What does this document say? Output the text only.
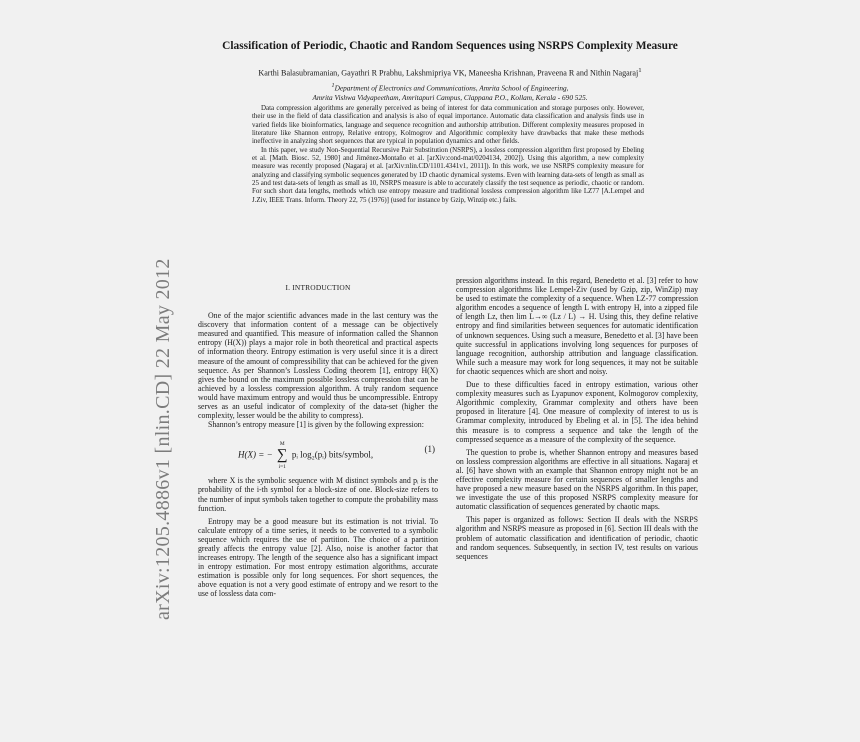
arXiv:1205.4886v1 [nlin.CD] 22 May 2012
Classification of Periodic, Chaotic and Random Sequences using NSRPS Complexity Measure
Karthi Balasubramanian, Gayathri R Prabhu, Lakshmipriya VK, Maneesha Krishnan, Praveena R and Nithin Nagaraj$^1$
$^1$Department of Electronics and Communications, Amrita School of Engineering,
Amrita Vishwa Vidyapeetham, Amritapuri Campus, Clappana P.O., Kollam, Kerala - 690 525.

Data compression algorithms are generally perceived as being of interest for data communication and storage purposes only. However, their use in the field of data classification and analysis is also of equal importance. Automatic data classification and analysis finds use in varied fields like bioinformatics, language and sequence recognition and authorship attribution. Different complexity measures proposed in literature like Shannon entropy, Relative entropy, Kolmogrov and Algorithmic complexity have drawbacks that make these methods ineffective in analyzing short sequences that are typical in population dynamics and other fields.

In this paper, we study Non-Sequential Recursive Pair Substitution (NSRPS), a lossless compression algorithm first proposed by Ebeling et al. [Math. Biosc. 52, 1980] and Jiménez-Montaño et al. [arXiv:cond-mat/0204134, 2002]). Using this algorithm, a new complexity measure was recently proposed (Nagaraj et al. [arXiv:nlin.CD/1101.4341v1, 2011]). In this work, we use NSRPS complexity measure for analyzing and classifying symbolic sequences generated by 1D chaotic dynamical systems. Even with learning data-sets of length as small as 25 and test data-sets of length as small as 10, NSRPS measure is able to accurately classify the test sequence as periodic, chaotic or random. For such short data lengths, methods which use entropy measure and traditional lossless compression algorithm like LZ77 [A.Lempel and J.Ziv, IEEE Trans. Inform. Theory 22, 75 (1976)] (used for instance by Gzip, Winzip etc.) fails.

I. INTRODUCTION

One of the major scientific advances made in the last century was the discovery that information content of a message can be objectively measured and quantified. This measure of information called the Shannon entropy (H(X)) plays a major role in both theoretical and practical aspects of information theory. Entropy estimation is very useful since it is a direct measure of the amount of compressibility that can be achieved for the given sequence. As per Shannon’s Lossless Coding theorem [1], entropy H(X) gives the bound on the maximum possible lossless compression that can be achieved by a lossless compression algorithm. A truly random sequence would have maximum entropy and would thus be uncompressible. Entropy serves as an useful indicator of complexity of the data-set (higher the complexity, lesser would be the ability to compress).

Shannon’s entropy measure [1] is given by the following expression:

H(X) = −
M
∑
i=1
pᵢ log₂(pᵢ) bits/symbol,
(1)

where X is the symbolic sequence with M distinct symbols and pᵢ is the probability of the i-th symbol for a block-size of one. Block-size refers to the number of input symbols taken together to compute the probability mass function.

Entropy may be a good measure but its estimation is not trivial. To calculate entropy of a time series, it needs to be converted to a symbolic sequence which requires the use of partition. The choice of a partition greatly affects the entropy value [2]. Also, noise is another factor that increases entropy. The length of the sequence also has a significant impact in entropy estimation. For most entropy estimation algorithms, accurate estimation is possible only for long sequences. For short sequences, the above equation is not a very good estimate of entropy and we resort to the use of lossless data com-

pression algorithms instead. In this regard, Benedetto et al. [3] refer to how compression algorithms like Lempel-Ziv (used by Gzip, zip, WinZip) may be used to estimate the complexity of a sequence. When LZ-77 compression algorithm encodes a sequence of length L with entropy H, into a zipped file of length Lz, then lim L→∞ (Lz / L) → H. Using this, they define relative entropy and find similarities between sequences for automatic identification of unknown sequences. Using such a measure, Benedetto et al. [3] have been quite successful in applications involving long sequences for purposes of language recognition, authorship attribution and language classification. While such a measure may work for long sequences, it may not be suitable for chaotic sequences which are short and noisy.

Due to these difficulties faced in entropy estimation, various other complexity measures such as Lyapunov exponent, Kolmogorov complexity, Algorithmic complexity, Grammar complexity and others have been proposed in literature [4]. One measure of complexity of interest to us is Grammar complexity, introduced by Ebeling et al. in [5]. The idea behind this measure is to compress a sequence and take the length of the compressed sequence as a measure of the complexity of the sequence.

The question to probe is, whether Shannon entropy and measures based on lossless compression algorithms are effective in all situations. Nagaraj et al. [6] have shown with an example that Shannon entropy might not be an effective complexity measure for certain sequences of smaller lengths and have proposed a new measure based on the NSRPS algorithm. In this paper, we investigate the use of this proposed NSRPS complexity measure for automatic classification of sequences generated by chaotic maps.

This paper is organized as follows: Section II deals with the NSRPS algorithm and NSRPS measure as proposed in [6]. Section III deals with the problem of automatic classification and identification of periodic, chaotic and random sequences. Subsequently, in section IV, test results on various sequences
